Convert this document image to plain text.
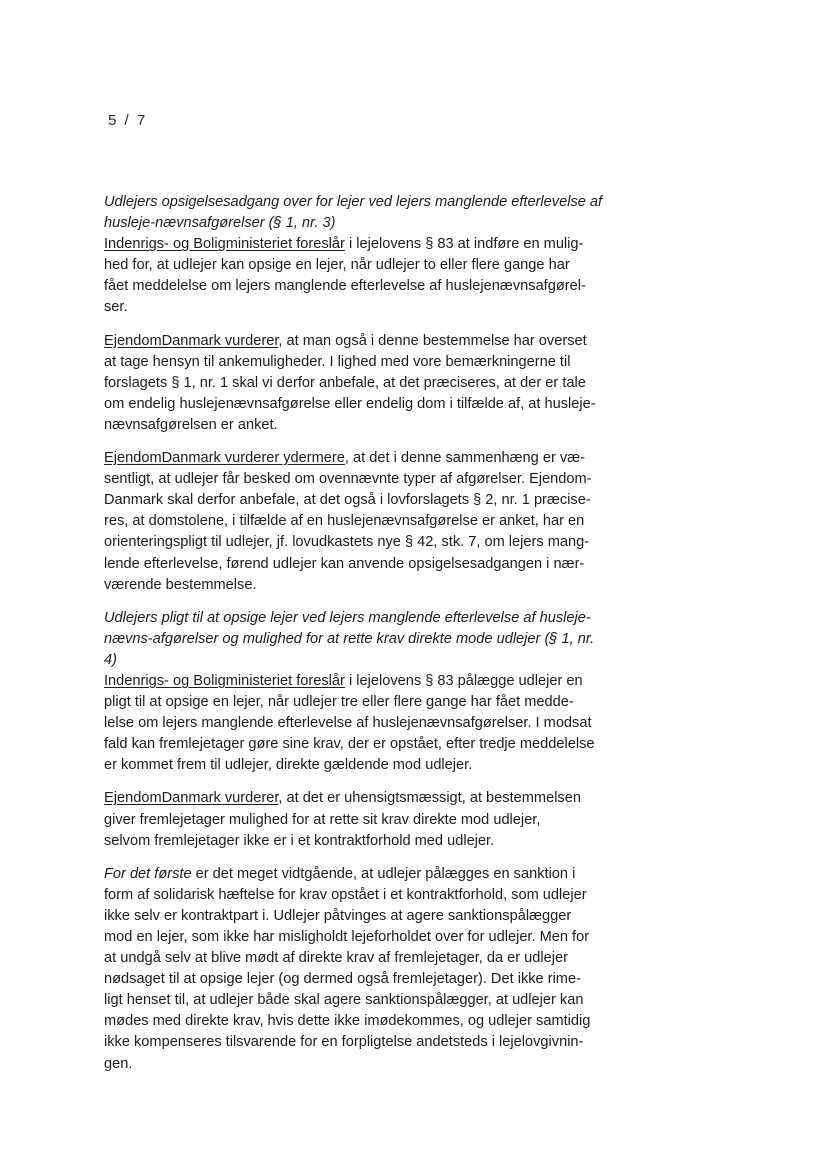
5 / 7
Udlejers opsigelsesadgang over for lejer ved lejers manglende efterlevelse af
husleje-nævnsafgørelser (§ 1, nr. 3)
Indenrigs- og Boligministeriet foreslår i lejelovens § 83 at indføre en mulig-
hed for, at udlejer kan opsige en lejer, når udlejer to eller flere gange har
fået meddelelse om lejers manglende efterlevelse af huslejenævnsafgørel-
ser.
EjendomDanmark vurderer, at man også i denne bestemmelse har overset
at tage hensyn til ankemuligheder. I lighed med vore bemærkningerne til
forslagets § 1, nr. 1 skal vi derfor anbefale, at det præciseres, at der er tale
om endelig huslejenævnsafgørelse eller endelig dom i tilfælde af, at husleje-
nævnsafgørelsen er anket.
EjendomDanmark vurderer ydermere, at det i denne sammenhæng er væ-
sentligt, at udlejer får besked om ovennævnte typer af afgørelser. Ejendom-
Danmark skal derfor anbefale, at det også i lovforslagets § 2, nr. 1 præcise-
res, at domstolene, i tilfælde af en huslejenævnsafgørelse er anket, har en
orienteringspligt til udlejer, jf. lovudkastets nye § 42, stk. 7, om lejers mang-
lende efterlevelse, førend udlejer kan anvende opsigelsesadgangen i nær-
værende bestemmelse.
Udlejers pligt til at opsige lejer ved lejers manglende efterlevelse af husleje-
nævns-afgørelser og mulighed for at rette krav direkte mode udlejer (§ 1, nr.
4)
Indenrigs- og Boligministeriet foreslår i lejelovens § 83 pålægge udlejer en
pligt til at opsige en lejer, når udlejer tre eller flere gange har fået medde-
lelse om lejers manglende efterlevelse af huslejenævnsafgørelser. I modsat
fald kan fremlejetager gøre sine krav, der er opstået, efter tredje meddelelse
er kommet frem til udlejer, direkte gældende mod udlejer.
EjendomDanmark vurderer, at det er uhensigtsmæssigt, at bestemmelsen
giver fremlejetager mulighed for at rette sit krav direkte mod udlejer,
selvom fremlejetager ikke er i et kontraktforhold med udlejer.
For det første er det meget vidtgående, at udlejer pålægges en sanktion i
form af solidarisk hæftelse for krav opstået i et kontraktforhold, som udlejer
ikke selv er kontraktpart i. Udlejer påtvinges at agere sanktionspålægger
mod en lejer, som ikke har misligholdt lejeforholdet over for udlejer. Men for
at undgå selv at blive mødt af direkte krav af fremlejetager, da er udlejer
nødsaget til at opsige lejer (og dermed også fremlejetager). Det ikke rime-
ligt henset til, at udlejer både skal agere sanktionspålægger, at udlejer kan
mødes med direkte krav, hvis dette ikke imødekommes, og udlejer samtidig
ikke kompenseres tilsvarende for en forpligtelse andetsteds i lejelovgivnin-
gen.
